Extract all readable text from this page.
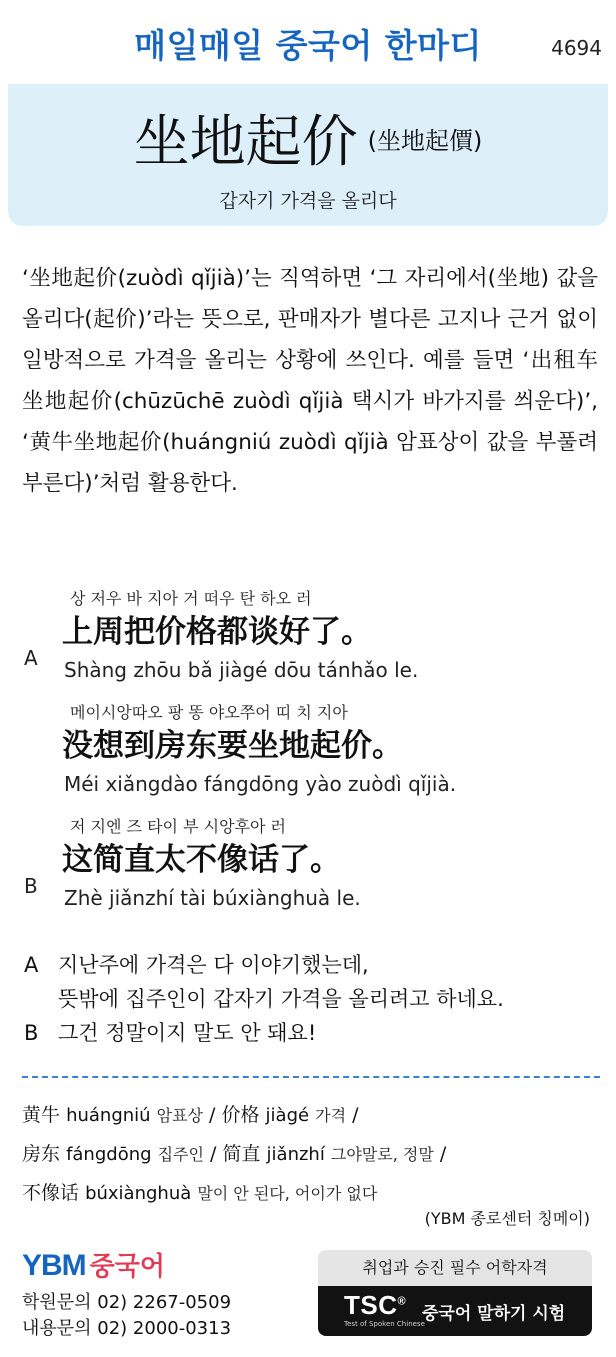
매일매일 중국어 한마디	4694
坐地起价 (坐地起價)
갑자기 가격을 올리다
‘坐地起价(zuòdì qǐjià)’는 직역하면 ‘그 자리에서(坐地) 값을 올리다(起价)’라는 뜻으로, 판매자가 별다른 고지나 근거 없이 일방적으로 가격을 올리는 상황에 쓰인다. 예를 들면 ‘出租车坐地起价(chūzūchē zuòdì qǐjià 택시가 바가지를 씌운다)’, ‘黄牛坐地起价(huángniú zuòdì qǐjià 암표상이 값을 부풀려 부른다)’처럼 활용한다.
A
상 저우 바 지아 거 떠우 탄 하오 러
上周把价格都谈好了。
Shàng zhōu bǎ jiàgé dōu tánhǎo le.
메이시앙따오 팡 똥 야오쭈어 띠 치 지아
没想到房东要坐地起价。
Méi xiǎngdào fángdōng yào zuòdì qǐjià.
B
저 지엔 즈 타이 부 시앙후아 러
这简直太不像话了。
Zhè jiǎnzhí tài búxiànghuà le.
A 지난주에 가격은 다 이야기했는데,
뜻밖에 집주인이 갑자기 가격을 올리려고 하네요.
B 그건 정말이지 말도 안 돼요!
黄牛 huángniú 암표상 / 价格 jiàgé 가격 /
房东 fángdōng 집주인 / 简直 jiǎnzhí 그야말로, 정말 /
不像话 búxiànghuà 말이 안 된다, 어이가 없다
(YBM 종로센터 칭메이)
YBM 중국어
학원문의 02) 2267-0509
내용문의 02) 2000-0313
취업과 승진 필수 어학자격
TSC®
Test of Spoken Chinese
중국어 말하기 시험
